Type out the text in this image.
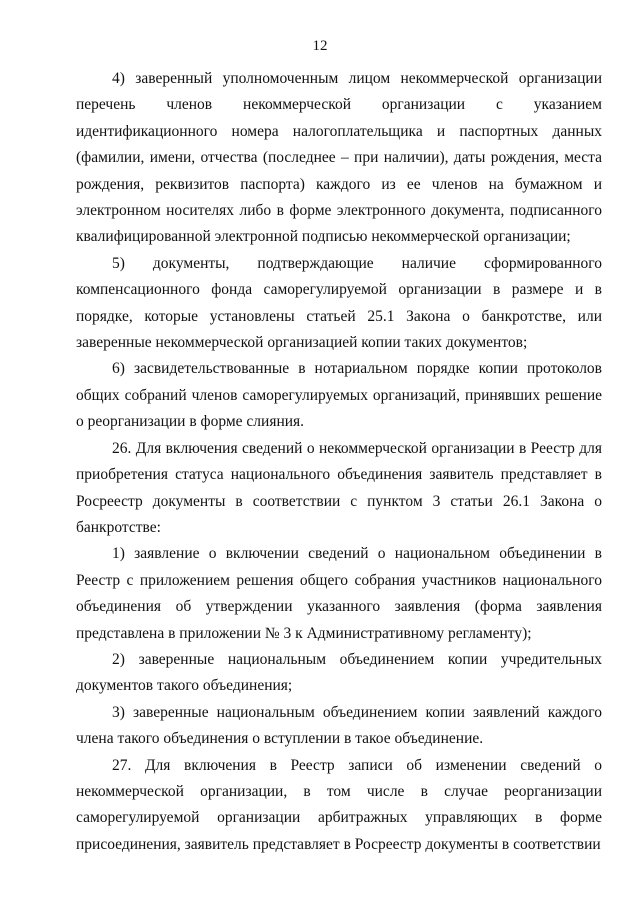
12

4) заверенный уполномоченным лицом некоммерческой организации перечень членов некоммерческой организации с указанием идентификационного номера налогоплательщика и паспортных данных (фамилии, имени, отчества (последнее – при наличии), даты рождения, места рождения, реквизитов паспорта) каждого из ее членов на бумажном и электронном носителях либо в форме электронного документа, подписанного квалифицированной электронной подписью некоммерческой организации;

5) документы, подтверждающие наличие сформированного компенсационного фонда саморегулируемой организации в размере и в порядке, которые установлены статьей 25.1 Закона о банкротстве, или заверенные некоммерческой организацией копии таких документов;

6) засвидетельствованные в нотариальном порядке копии протоколов общих собраний членов саморегулируемых организаций, принявших решение о реорганизации в форме слияния.

26. Для включения сведений о некоммерческой организации в Реестр для приобретения статуса национального объединения заявитель представляет в Росреестр документы в соответствии с пунктом 3 статьи 26.1 Закона о банкротстве:

1) заявление о включении сведений о национальном объединении в Реестр с приложением решения общего собрания участников национального объединения об утверждении указанного заявления (форма заявления представлена в приложении № 3 к Административному регламенту);

2) заверенные национальным объединением копии учредительных документов такого объединения;

3) заверенные национальным объединением копии заявлений каждого члена такого объединения о вступлении в такое объединение.

27. Для включения в Реестр записи об изменении сведений о некоммерческой организации, в том числе в случае реорганизации саморегулируемой организации арбитражных управляющих в форме присоединения, заявитель представляет в Росреестр документы в соответствии
